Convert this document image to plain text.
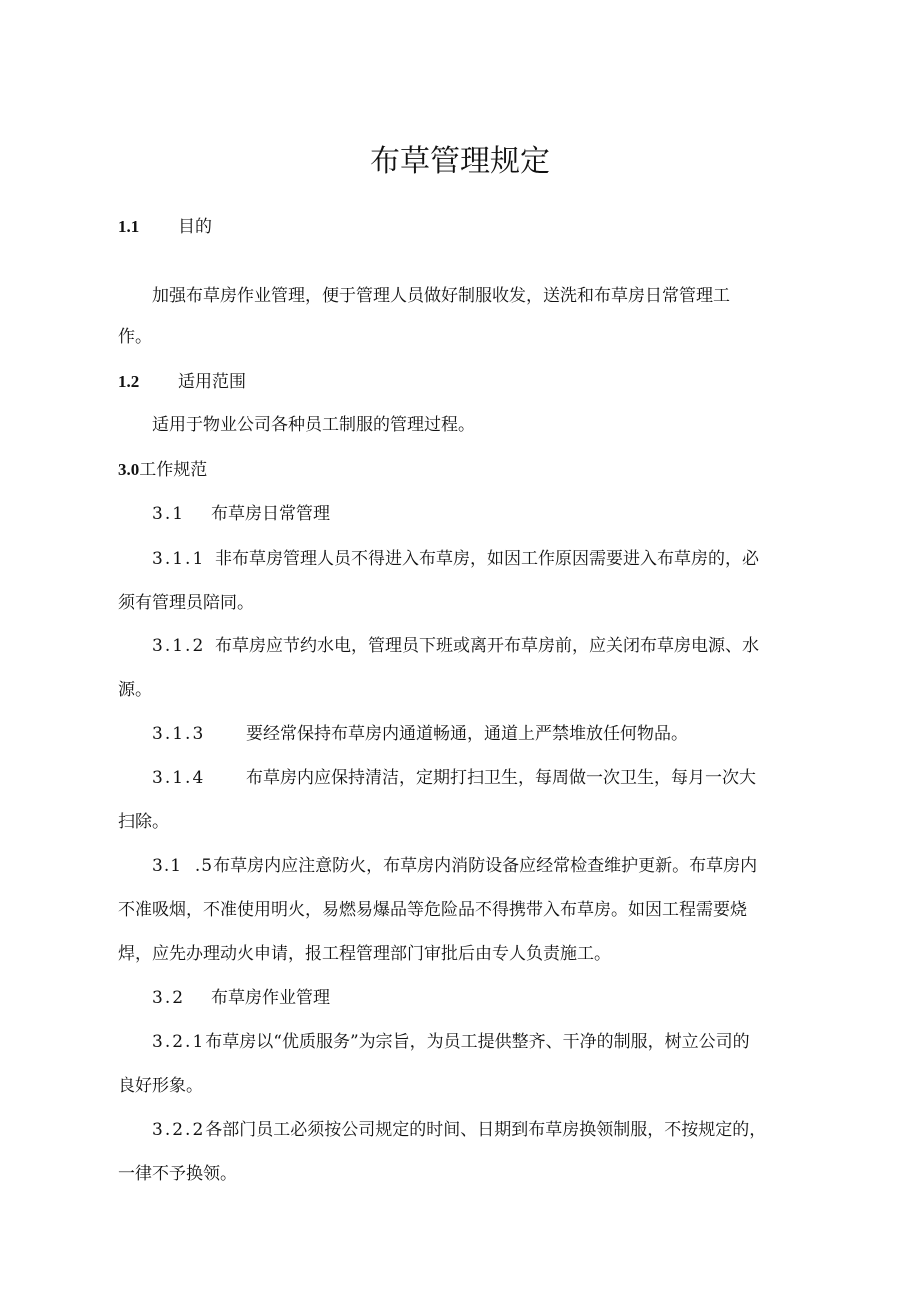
布草管理规定
1.1 目的
加强布草房作业管理，便于管理人员做好制服收发，送洗和布草房日常管理工
作。
1.2 适用范围
适用于物业公司各种员工制服的管理过程。
3.0工作规范
3.1 布草房日常管理
3.1.1 非布草房管理人员不得进入布草房，如因工作原因需要进入布草房的，必
须有管理员陪同。
3.1.2 布草房应节约水电，管理员下班或离开布草房前，应关闭布草房电源、水
源。
3.1.3 要经常保持布草房内通道畅通，通道上严禁堆放任何物品。
3.1.4 布草房内应保持清洁，定期打扫卫生，每周做一次卫生，每月一次大
扫除。
3.1  .5布草房内应注意防火，布草房内消防设备应经常检查维护更新。布草房内
不准吸烟，不准使用明火，易燃易爆品等危险品不得携带入布草房。如因工程需要烧
焊，应先办理动火申请，报工程管理部门审批后由专人负责施工。
3.2 布草房作业管理
3.2.1布草房以“优质服务”为宗旨，为员工提供整齐、干净的制服，树立公司的
良好形象。
3.2.2各部门员工必须按公司规定的时间、日期到布草房换领制服，不按规定的，
一律不予换领。
